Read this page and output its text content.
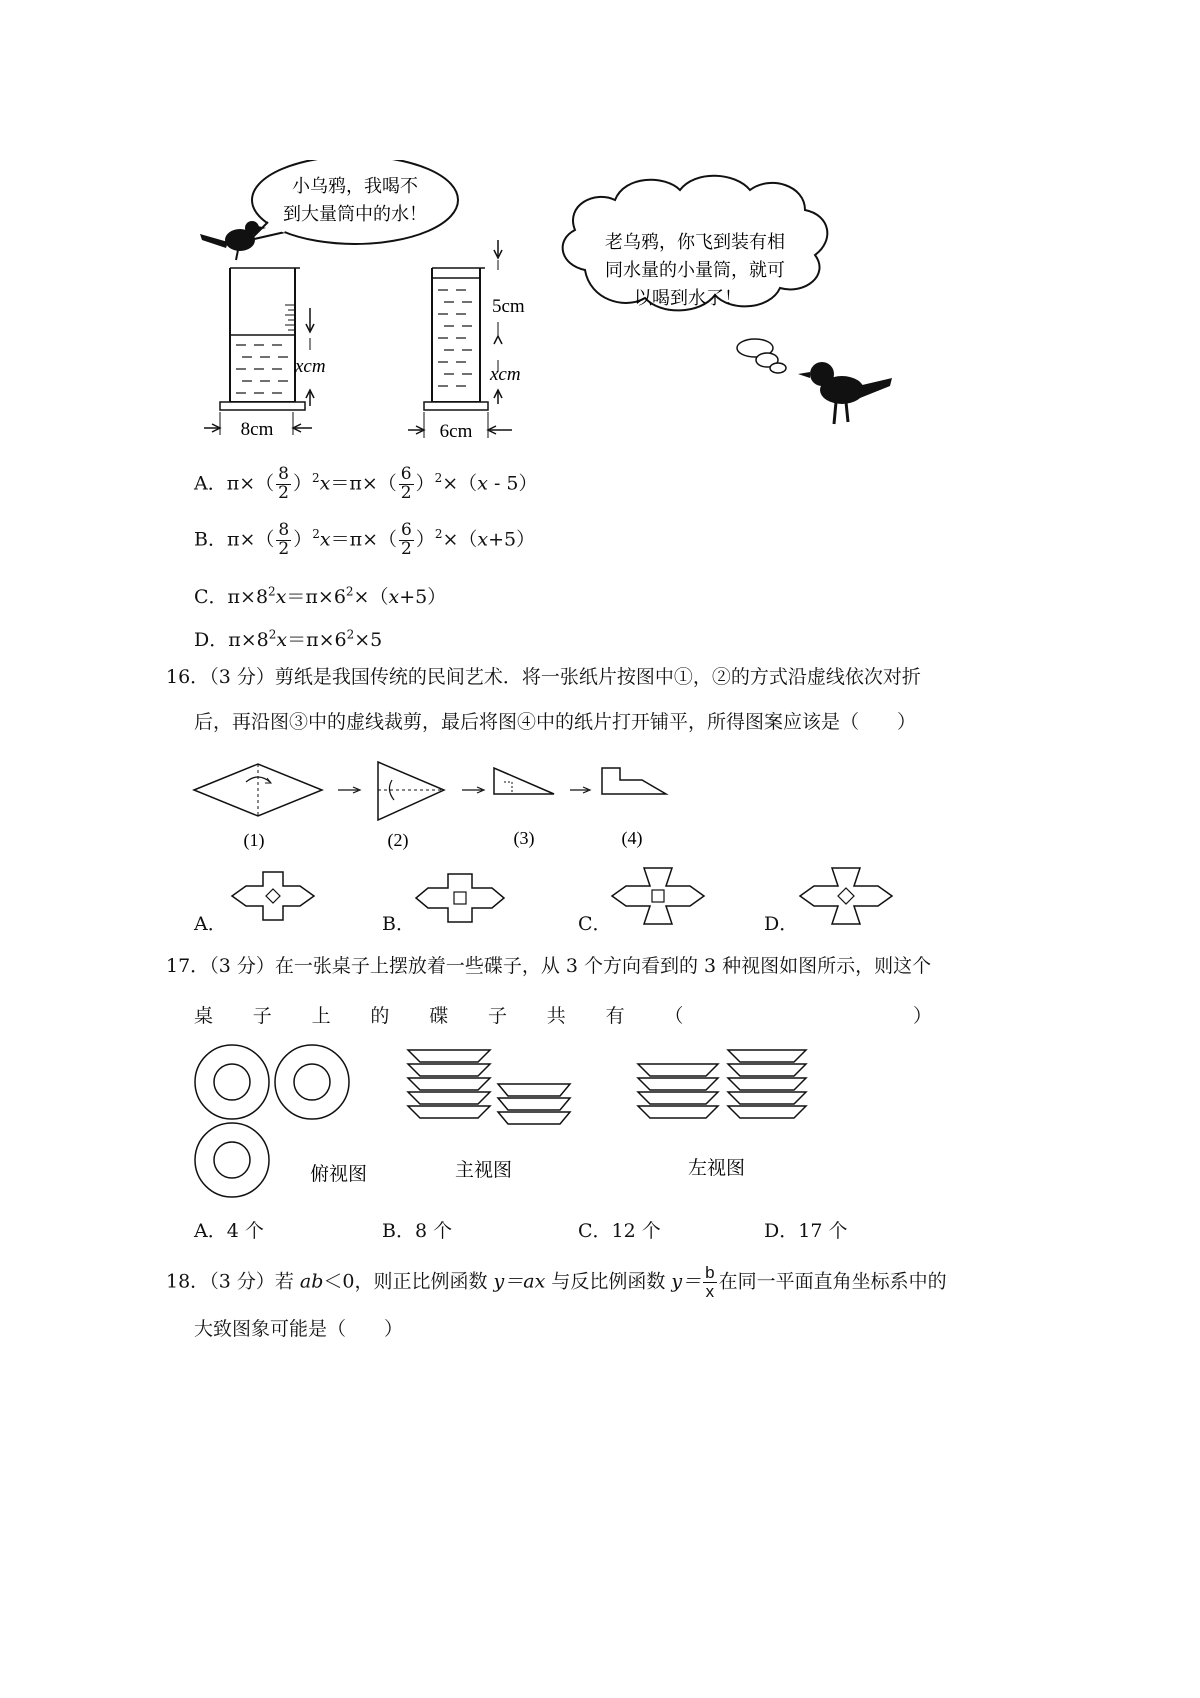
小乌鸦，我喝不
到大量筒中的水！
xcm
8cm
5cm
xcm
6cm
老乌鸦，你飞到装有相
同水量的小量筒，就可
以喝到水了！
A．$\pi\times( \frac{8}{2} )^2x=\pi\times( \frac{6}{2} )^2\times(x - 5)$
B．$\pi\times( \frac{8}{2} )^2x=\pi\times( \frac{6}{2} )^2\times(x+5)$
C．$\pi\times 8^2x=\pi\times 6^2\times(x+5)$
D．$\pi\times 8^2x=\pi\times 6^2\times 5$
16．（3 分）剪纸是我国传统的民间艺术．将一张纸片按图中①，②的方式沿虚线依次对折
后，再沿图③中的虚线裁剪，最后将图④中的纸片打开铺平，所得图案应该是（　　）
(1)	(2)	(3)	(4)
A．	B．	C．	D．
17．（3 分）在一张桌子上摆放着一些碟子，从 3 个方向看到的 3 种视图如图所示，则这个
桌 子 上 的 碟 子 共 有 （	）
俯视图	主视图	左视图
A．4 个	B．8 个	C．12 个	D．17 个
18．（3 分）若 ab＜0，则正比例函数 y＝ax 与反比例函数 $y= \frac{b}{x}$ 在同一平面直角坐标系中的
大致图象可能是（　　）
